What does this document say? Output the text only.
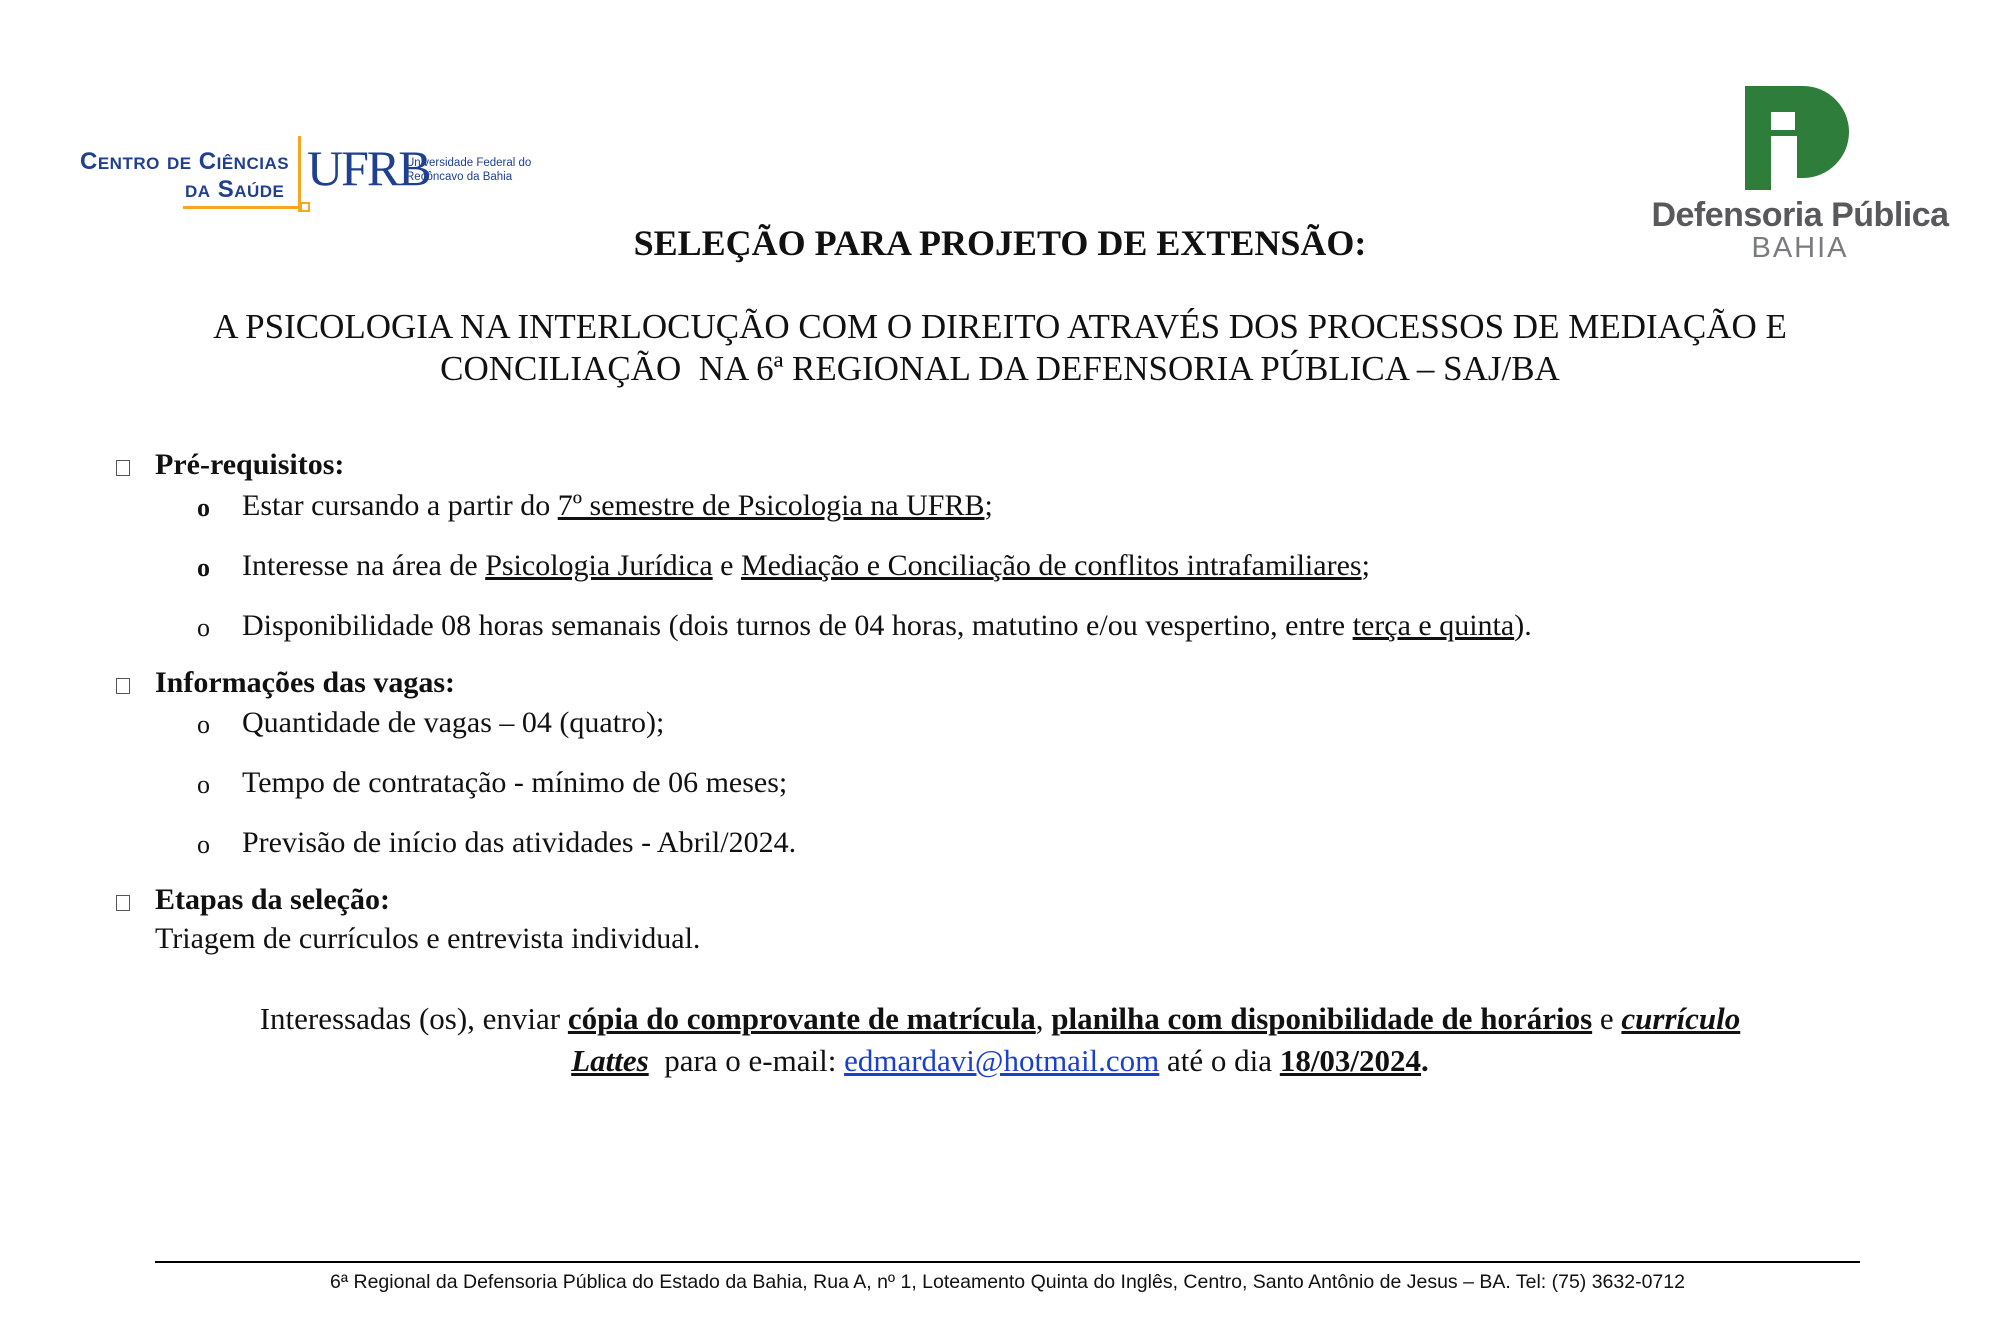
Centro de Ciências
da Saúde UFRB
Universidade Federal do
Recôncavo da Bahia
Defensoria Pública
BAHIA
SELEÇÃO PARA PROJETO DE EXTENSÃO:
A PSICOLOGIA NA INTERLOCUÇÃO COM O DIREITO ATRAVÉS DOS PROCESSOS DE MEDIAÇÃO E
CONCILIAÇÃO  NA 6ª REGIONAL DA DEFENSORIA PÚBLICA – SAJ/BA
Pré-requisitos:
o Estar cursando a partir do 7º semestre de Psicologia na UFRB;
o Interesse na área de Psicologia Jurídica e Mediação e Conciliação de conflitos intrafamiliares;
o Disponibilidade 08 horas semanais (dois turnos de 04 horas, matutino e/ou vespertino, entre terça e quinta).
Informações das vagas:
o Quantidade de vagas – 04 (quatro);
o Tempo de contratação - mínimo de 06 meses;
o Previsão de início das atividades - Abril/2024.
Etapas da seleção:
Triagem de currículos e entrevista individual.
Interessadas (os), enviar cópia do comprovante de matrícula, planilha com disponibilidade de horários e currículo
Lattes  para o e-mail: edmardavi@hotmail.com até o dia 18/03/2024.
6ª Regional da Defensoria Pública do Estado da Bahia, Rua A, nº 1, Loteamento Quinta do Inglês, Centro, Santo Antônio de Jesus – BA. Tel: (75) 3632-0712
